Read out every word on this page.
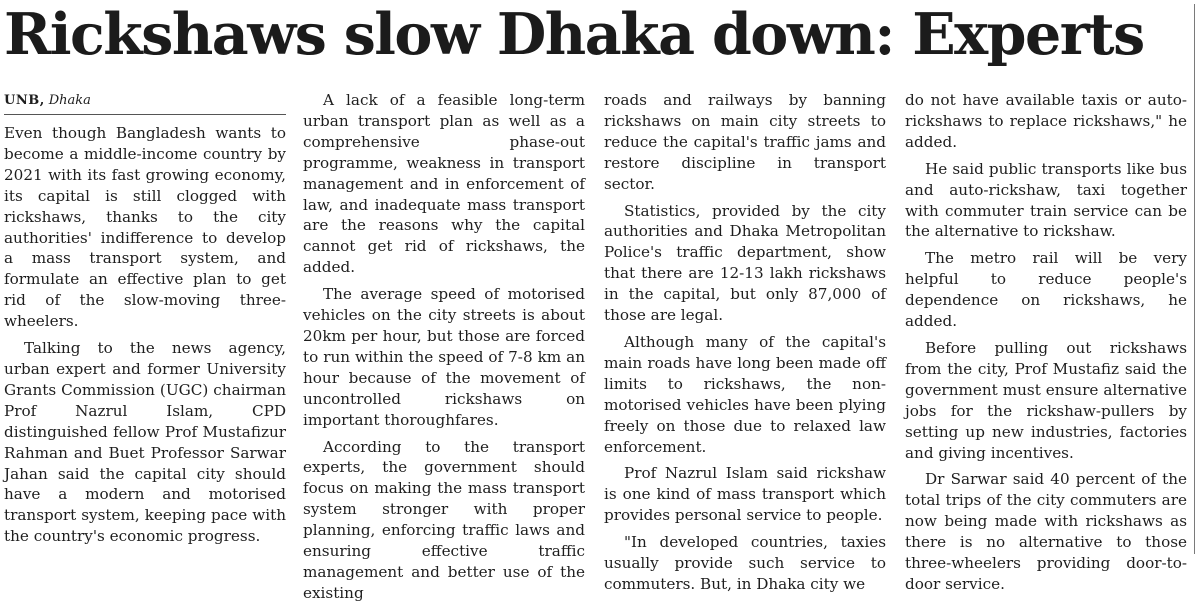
Rickshaws slow Dhaka down: Experts
UNB, Dhaka

Even though Bangladesh wants to become a middle-income country by 2021 with its fast growing economy, its capital is still clogged with rickshaws, thanks to the city authorities' indifference to develop a mass transport system, and formulate an effective plan to get rid of the slow-moving three-wheelers.

Talking to the news agency, urban expert and former University Grants Commission (UGC) chairman Prof Nazrul Islam, CPD distinguished fellow Prof Mustafizur Rahman and Buet Professor Sarwar Jahan said the capital city should have a modern and motorised transport system, keeping pace with the country's economic progress.

A lack of a feasible long-term urban transport plan as well as a comprehensive phase-out programme, weakness in transport management and in enforcement of law, and inadequate mass transport are the reasons why the capital cannot get rid of rickshaws, the added.

The average speed of motorised vehicles on the city streets is about 20km per hour, but those are forced to run within the speed of 7-8 km an hour because of the movement of uncontrolled rickshaws on important thoroughfares.

According to the transport experts, the government should focus on making the mass transport system stronger with proper planning, enforcing traffic laws and ensuring effective traffic management and better use of the existing

roads and railways by banning rickshaws on main city streets to reduce the capital's traffic jams and restore discipline in transport sector.

Statistics, provided by the city authorities and Dhaka Metropolitan Police's traffic department, show that there are 12-13 lakh rickshaws in the capital, but only 87,000 of those are legal.

Although many of the capital's main roads have long been made off limits to rickshaws, the non-motorised vehicles have been plying freely on those due to relaxed law enforcement.

Prof Nazrul Islam said rickshaw is one kind of mass transport which provides personal service to people.

"In developed countries, taxies usually provide such service to commuters. But, in Dhaka city we

do not have available taxis or auto-rickshaws to replace rickshaws," he added.

He said public transports like bus and auto-rickshaw, taxi together with commuter train service can be the alternative to rickshaw.

The metro rail will be very helpful to reduce people's dependence on rickshaws, he added.

Before pulling out rickshaws from the city, Prof Mustafiz said the government must ensure alternative jobs for the rickshaw-pullers by setting up new industries, factories and giving incentives.

Dr Sarwar said 40 percent of the total trips of the city commuters are now being made with rickshaws as there is no alternative to those three-wheelers providing door-to-door service.
